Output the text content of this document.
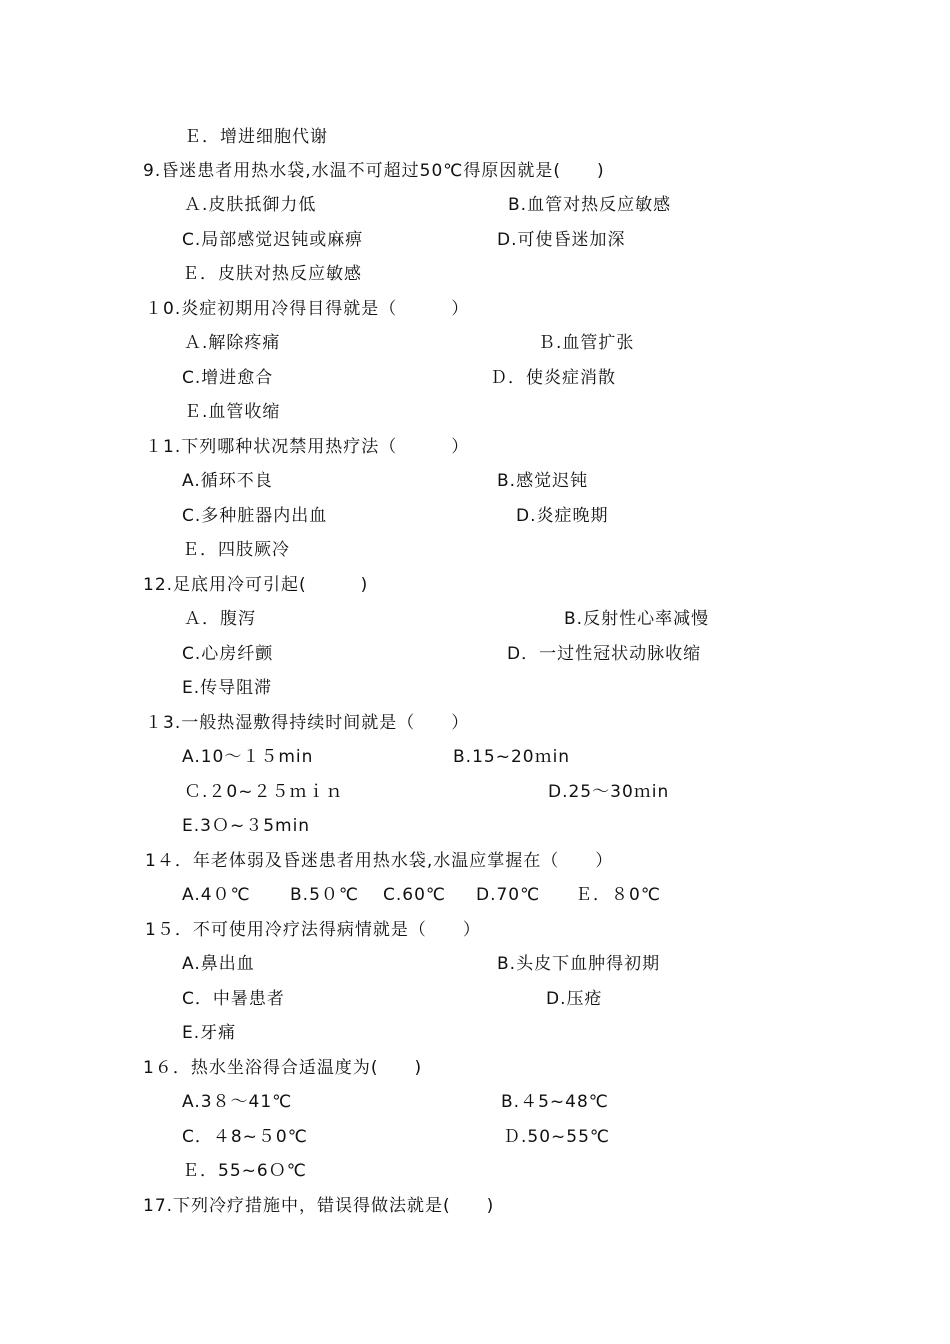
Ｅ．增进细胞代谢
9.昏迷患者用热水袋,水温不可超过50℃得原因就是(　　)
Ａ.皮肤抵御力低	B.血管对热反应敏感
C.局部感觉迟钝或麻痹	D.可使昏迷加深
Ｅ．皮肤对热反应敏感
１0.炎症初期用冷得目得就是（　　　）
Ａ.解除疼痛	Ｂ.血管扩张
C.增进愈合	Ｄ．使炎症消散
Ｅ.血管收缩
１1.下列哪种状况禁用热疗法（　　　）
A.循环不良	B.感觉迟钝
C.多种脏器内出血	D.炎症晚期
Ｅ．四肢厥冷
12.足底用冷可引起(　　　)
Ａ．腹泻	B.反射性心率减慢
C.心房纤颤	D．一过性冠状动脉收缩
E.传导阻滞
１3.一般热湿敷得持续时间就是（　　）
A.10～１５min	B.15~20ｍin
Ｃ.２0~２５ｍｉｎ	D.25～30ｍin
E.3Ｏ~３5min
1４．年老体弱及昏迷患者用热水袋,水温应掌握在（　　）
A.4０℃ B.5０℃ C.60℃ D.70℃ Ｅ．８0℃
1５．不可使用冷疗法得病情就是（　　）
A.鼻出血	B.头皮下血肿得初期
C．中暑患者	D.压疮
E.牙痛
1６．热水坐浴得合适温度为(　　)
A.3８～41℃	B.４5~48℃
C．４8~５0℃	Ｄ.50~55℃
Ｅ．55~6Ｏ℃
17.下列冷疗措施中，错误得做法就是(　　)
